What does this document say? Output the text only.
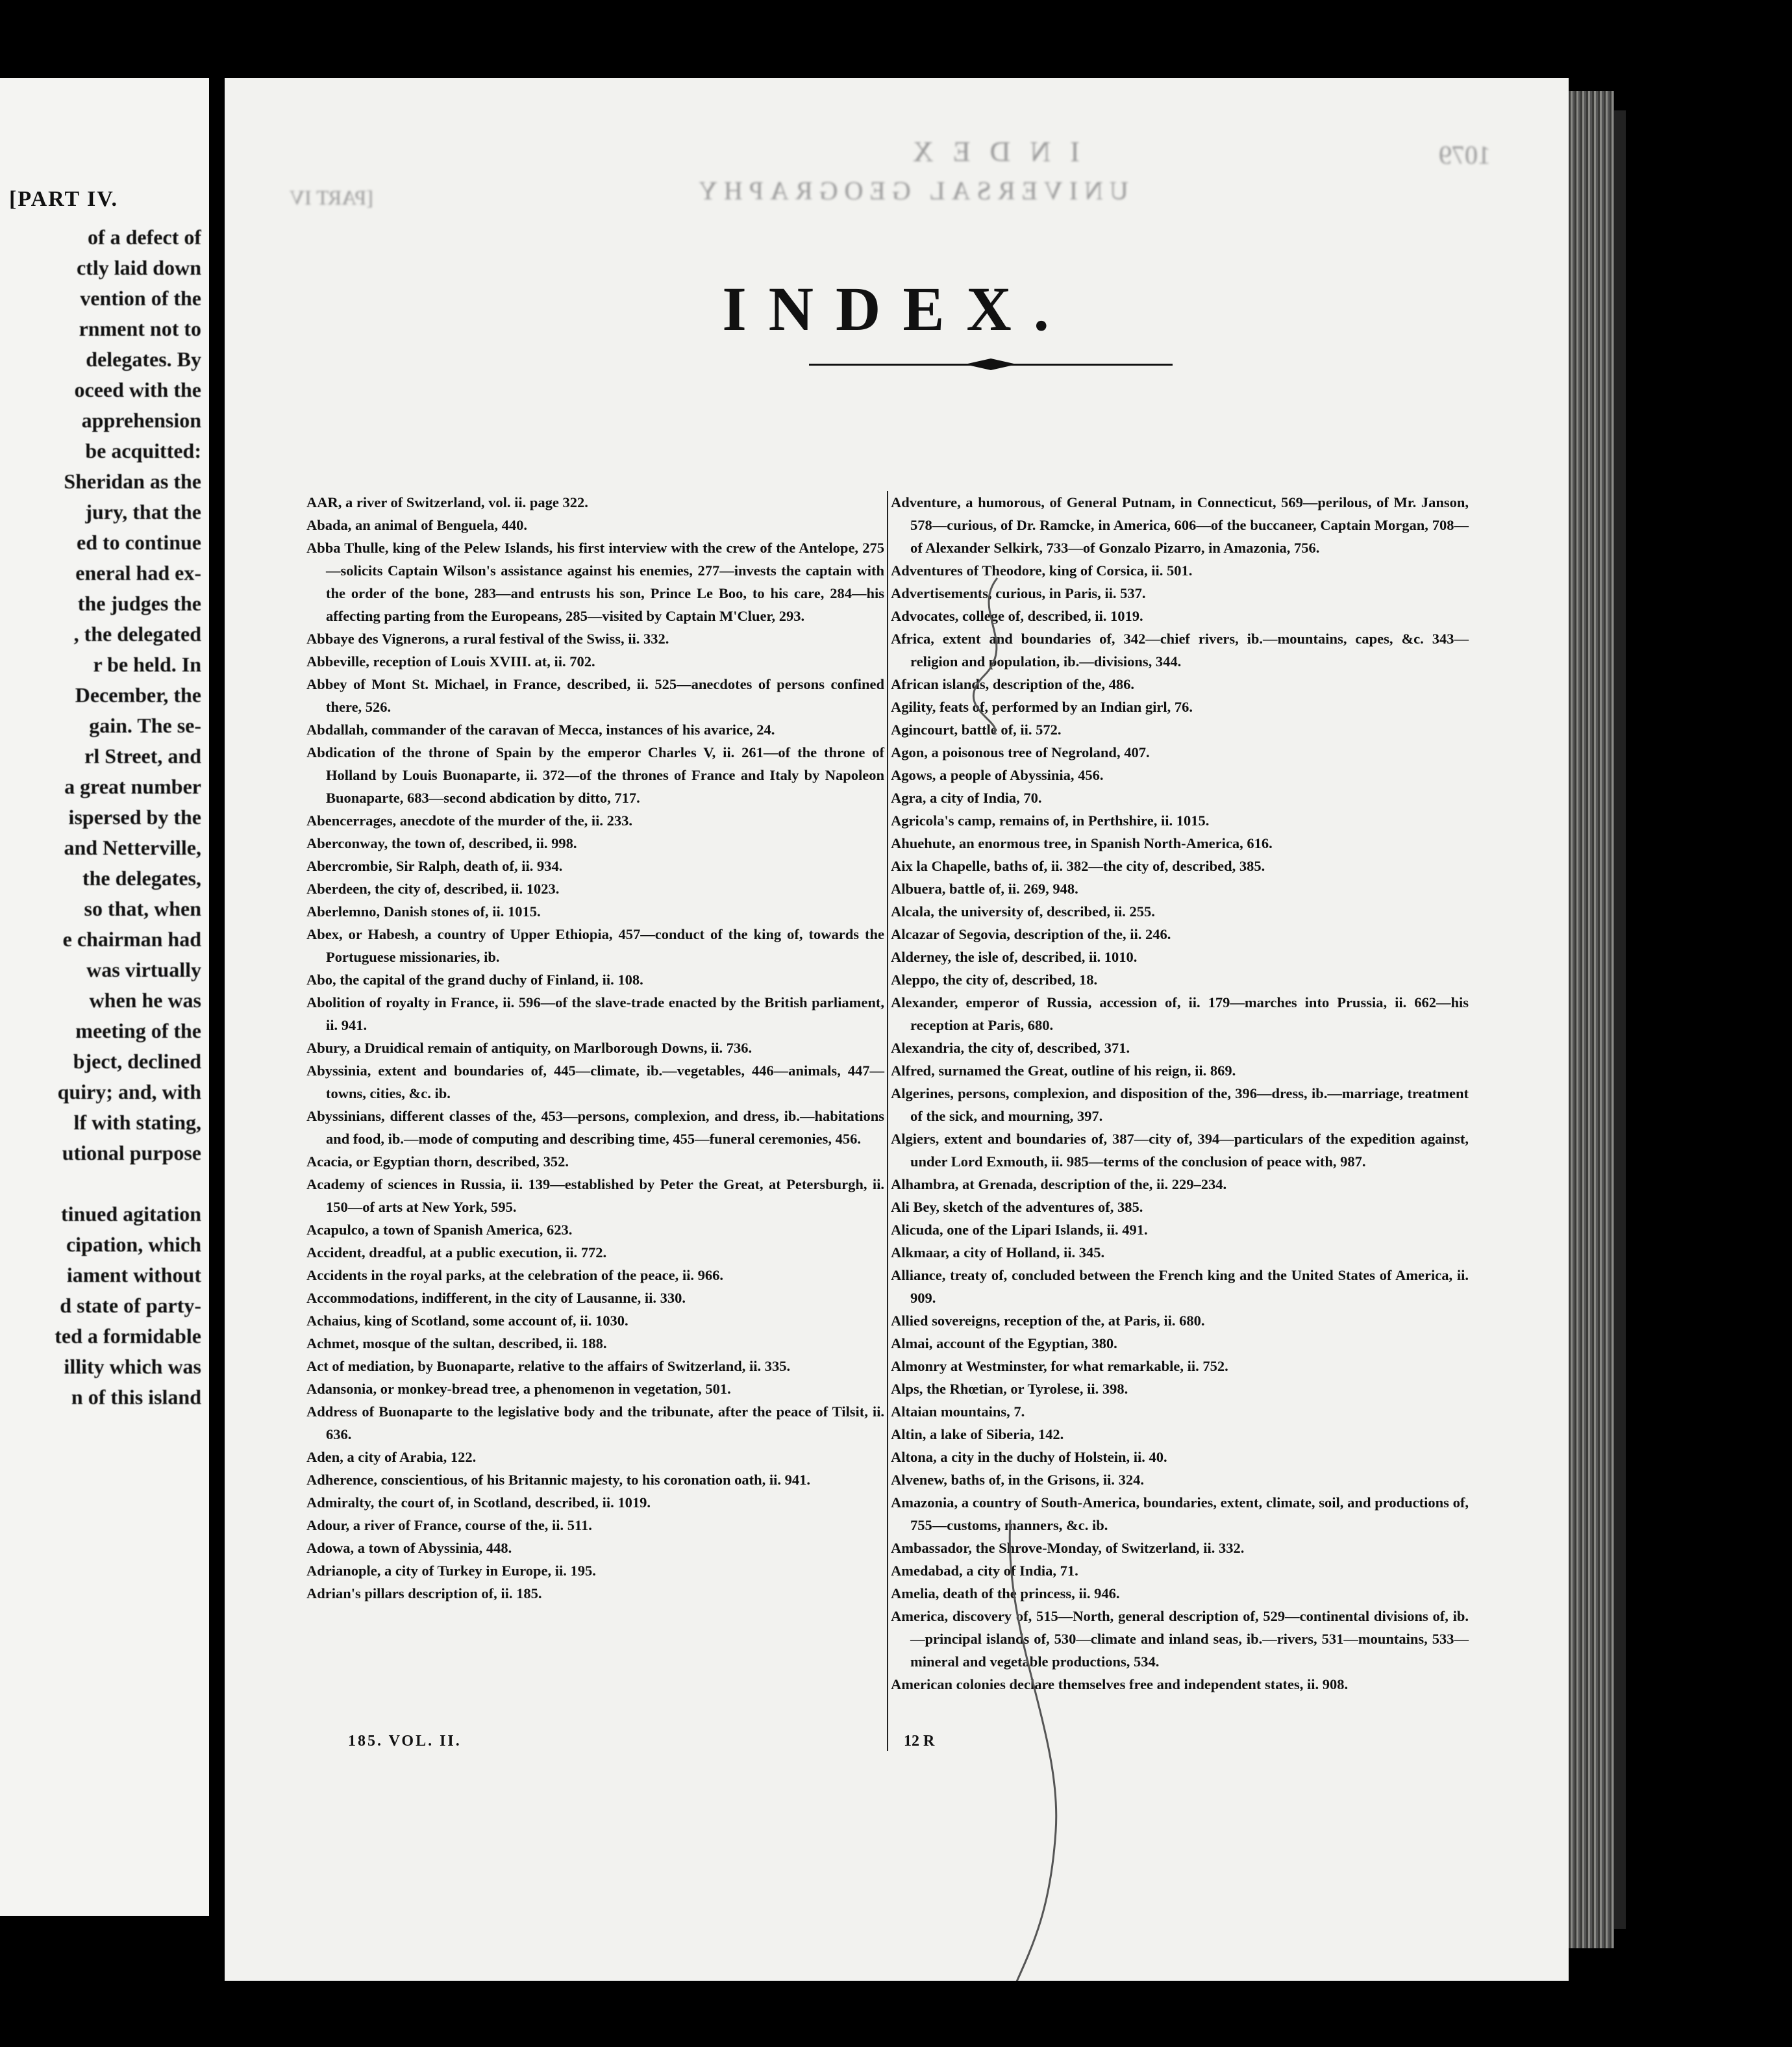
[PART IV.
of a defect of
ctly laid down
vention of the
rnment not to
delegates. By
oceed with the
apprehension
be acquitted:
Sheridan as the
jury, that the
ed to continue
eneral had ex-
the judges the
, the delegated
r be held. In
December, the
gain. The se-
rl Street, and
a great number
ispersed by the
and Netterville,
the delegates,
so that, when
e chairman had
was virtually
when he was
meeting of the
bject, declined
quiry; and, with
lf with stating,
utional purpose
tinued agitation
cipation, which
iament without
d state of party-
ted a formidable
illity which was
n of this island
INDEX
UNIVERSAL GEOGRAPHY
1079
[PART IV
INDEX.

AAR, a river of Switzerland, vol. ii. page 322.

Abada, an animal of Benguela, 440.

Abba Thulle, king of the Pelew Islands, his first interview with the crew of the Antelope, 275—solicits Captain Wilson's assistance against his enemies, 277—invests the captain with the order of the bone, 283—and entrusts his son, Prince Le Boo, to his care, 284—his affecting parting from the Europeans, 285—visited by Captain M'Cluer, 293.

Abbaye des Vignerons, a rural festival of the Swiss, ii. 332.

Abbeville, reception of Louis XVIII. at, ii. 702.

Abbey of Mont St. Michael, in France, described, ii. 525—anecdotes of persons confined there, 526.

Abdallah, commander of the caravan of Mecca, instances of his avarice, 24.

Abdication of the throne of Spain by the emperor Charles V, ii. 261—of the throne of Holland by Louis Buonaparte, ii. 372—of the thrones of France and Italy by Napoleon Buonaparte, 683—second abdication by ditto, 717.

Abencerrages, anecdote of the murder of the, ii. 233.

Aberconway, the town of, described, ii. 998.

Abercrombie, Sir Ralph, death of, ii. 934.

Aberdeen, the city of, described, ii. 1023.

Aberlemno, Danish stones of, ii. 1015.

Abex, or Habesh, a country of Upper Ethiopia, 457—conduct of the king of, towards the Portuguese missionaries, ib.

Abo, the capital of the grand duchy of Finland, ii. 108.

Abolition of royalty in France, ii. 596—of the slave-trade enacted by the British parliament, ii. 941.

Abury, a Druidical remain of antiquity, on Marlborough Downs, ii. 736.

Abyssinia, extent and boundaries of, 445—climate, ib.—vegetables, 446—animals, 447—towns, cities, &c. ib.

Abyssinians, different classes of the, 453—persons, complexion, and dress, ib.—habitations and food, ib.—mode of computing and describing time, 455—funeral ceremonies, 456.

Acacia, or Egyptian thorn, described, 352.

Academy of sciences in Russia, ii. 139—established by Peter the Great, at Petersburgh, ii. 150—of arts at New York, 595.

Acapulco, a town of Spanish America, 623.

Accident, dreadful, at a public execution, ii. 772.

Accidents in the royal parks, at the celebration of the peace, ii. 966.

Accommodations, indifferent, in the city of Lausanne, ii. 330.

Achaius, king of Scotland, some account of, ii. 1030.

Achmet, mosque of the sultan, described, ii. 188.

Act of mediation, by Buonaparte, relative to the affairs of Switzerland, ii. 335.

Adansonia, or monkey-bread tree, a phenomenon in vegetation, 501.

Address of Buonaparte to the legislative body and the tribunate, after the peace of Tilsit, ii. 636.

Aden, a city of Arabia, 122.

Adherence, conscientious, of his Britannic majesty, to his coronation oath, ii. 941.

Admiralty, the court of, in Scotland, described, ii. 1019.

Adour, a river of France, course of the, ii. 511.

Adowa, a town of Abyssinia, 448.

Adrianople, a city of Turkey in Europe, ii. 195.

Adrian's pillars description of, ii. 185.

Adventure, a humorous, of General Putnam, in Connecticut, 569—perilous, of Mr. Janson, 578—curious, of Dr. Ramcke, in America, 606—of the buccaneer, Captain Morgan, 708—of Alexander Selkirk, 733—of Gonzalo Pizarro, in Amazonia, 756.

Adventures of Theodore, king of Corsica, ii. 501.

Advertisements, curious, in Paris, ii. 537.

Advocates, college of, described, ii. 1019.

Africa, extent and boundaries of, 342—chief rivers, ib.—mountains, capes, &c. 343—religion and population, ib.—divisions, 344.

African islands, description of the, 486.

Agility, feats of, performed by an Indian girl, 76.

Agincourt, battle of, ii. 572.

Agon, a poisonous tree of Negroland, 407.

Agows, a people of Abyssinia, 456.

Agra, a city of India, 70.

Agricola's camp, remains of, in Perthshire, ii. 1015.

Ahuehute, an enormous tree, in Spanish North-America, 616.

Aix la Chapelle, baths of, ii. 382—the city of, described, 385.

Albuera, battle of, ii. 269, 948.

Alcala, the university of, described, ii. 255.

Alcazar of Segovia, description of the, ii. 246.

Alderney, the isle of, described, ii. 1010.

Aleppo, the city of, described, 18.

Alexander, emperor of Russia, accession of, ii. 179—marches into Prussia, ii. 662—his reception at Paris, 680.

Alexandria, the city of, described, 371.

Alfred, surnamed the Great, outline of his reign, ii. 869.

Algerines, persons, complexion, and disposition of the, 396—dress, ib.—marriage, treatment of the sick, and mourning, 397.

Algiers, extent and boundaries of, 387—city of, 394—particulars of the expedition against, under Lord Exmouth, ii. 985—terms of the conclusion of peace with, 987.

Alhambra, at Grenada, description of the, ii. 229–234.

Ali Bey, sketch of the adventures of, 385.

Alicuda, one of the Lipari Islands, ii. 491.

Alkmaar, a city of Holland, ii. 345.

Alliance, treaty of, concluded between the French king and the United States of America, ii. 909.

Allied sovereigns, reception of the, at Paris, ii. 680.

Almai, account of the Egyptian, 380.

Almonry at Westminster, for what remarkable, ii. 752.

Alps, the Rhœtian, or Tyrolese, ii. 398.

Altaian mountains, 7.

Altin, a lake of Siberia, 142.

Altona, a city in the duchy of Holstein, ii. 40.

Alvenew, baths of, in the Grisons, ii. 324.

Amazonia, a country of South-America, boundaries, extent, climate, soil, and productions of, 755—customs, manners, &c. ib.

Ambassador, the Shrove-Monday, of Switzerland, ii. 332.

Amedabad, a city of India, 71.

Amelia, death of the princess, ii. 946.

America, discovery of, 515—North, general description of, 529—continental divisions of, ib.—principal islands of, 530—climate and inland seas, ib.—rivers, 531—mountains, 533—mineral and vegetable productions, 534.

American colonies declare themselves free and independent states, ii. 908.

185. VOL. II.	12 R
